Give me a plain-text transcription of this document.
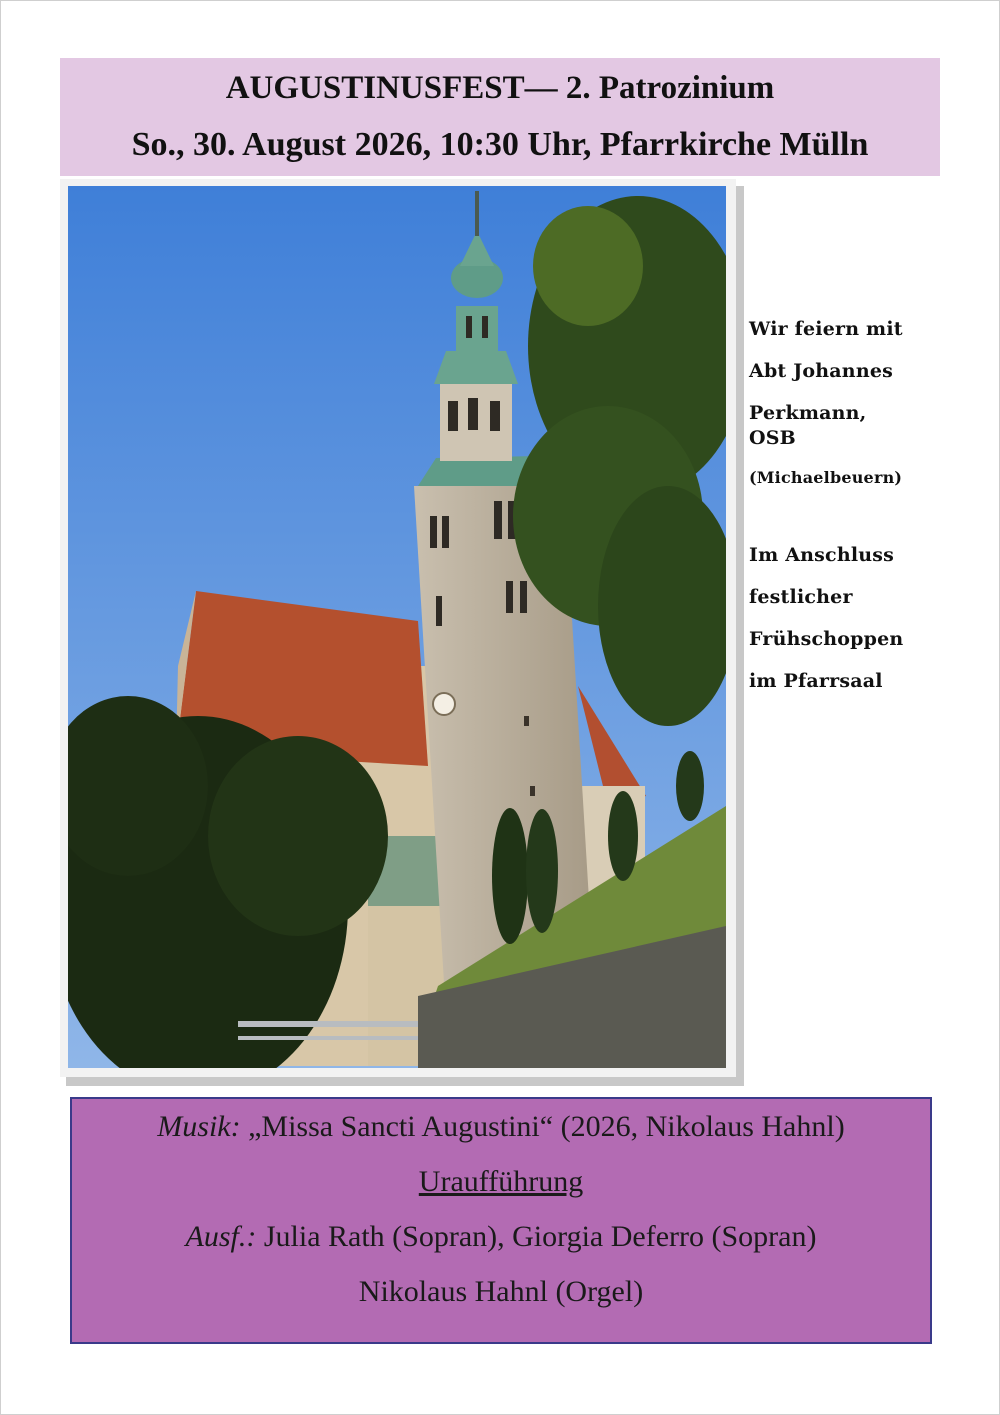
AUGUSTINUSFEST— 2. Patrozinium
So., 30. August 2026, 10:30 Uhr, Pfarrkirche Mülln
Wir feiern mit
Abt Johannes
Perkmann,
OSB
(Michaelbeuern)
Im Anschluss
festlicher
Frühschoppen
im Pfarrsaal
Musik: „Missa Sancti Augustini“ (2026, Nikolaus Hahnl)
Uraufführung
Ausf.: Julia Rath (Sopran), Giorgia Deferro (Sopran)
Nikolaus Hahnl (Orgel)
